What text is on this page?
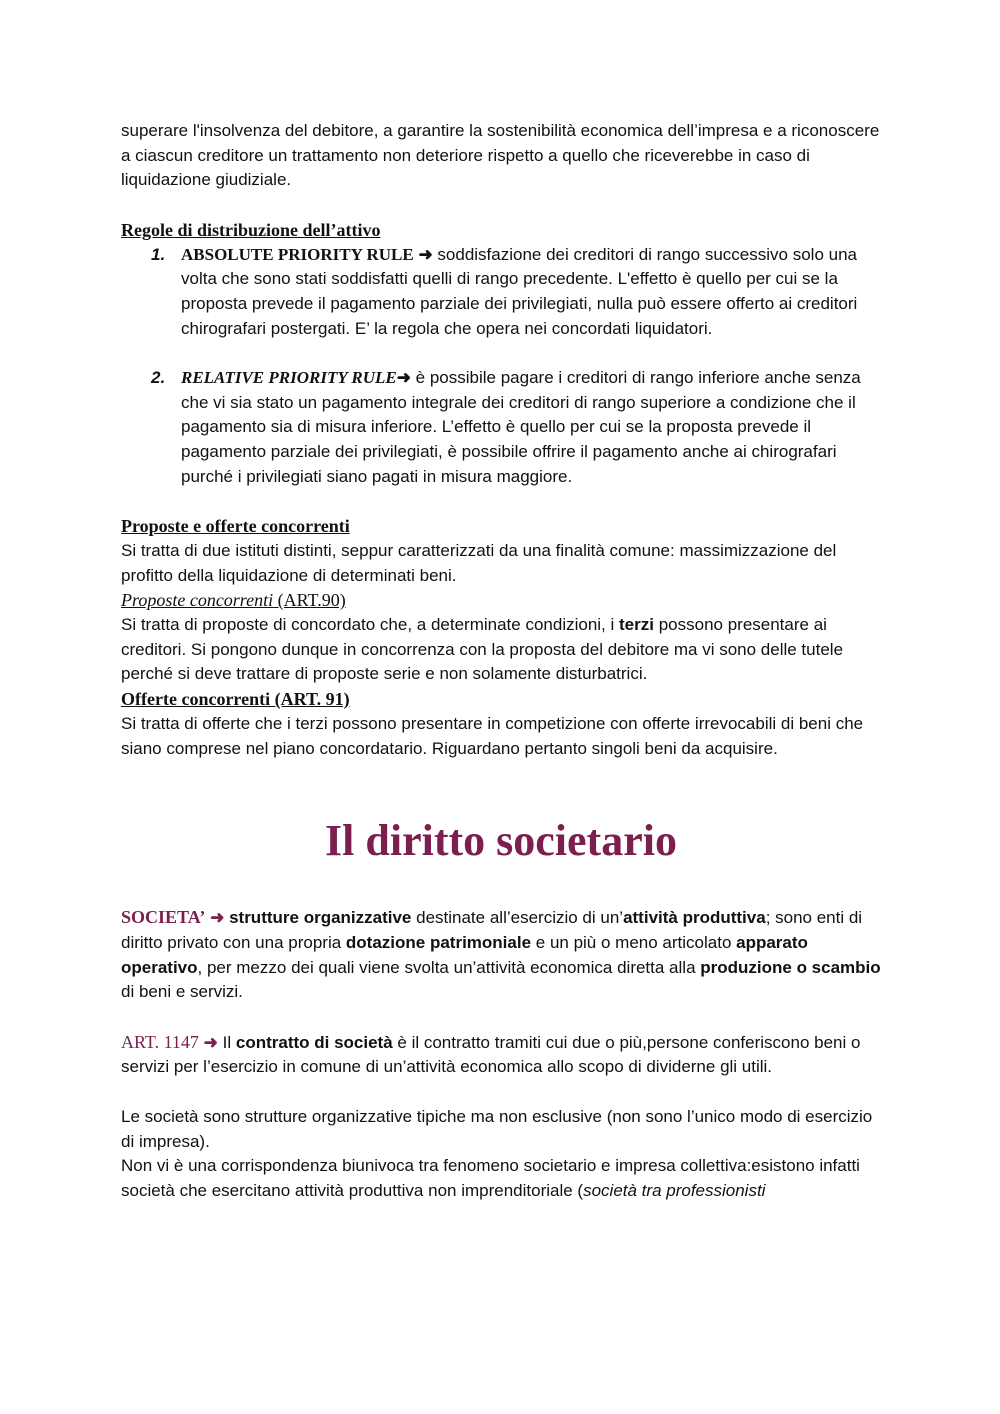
superare l'insolvenza del debitore, a garantire la sostenibilità economica dell’impresa e a riconoscere a ciascun creditore un trattamento non deteriore rispetto a quello che riceverebbe in caso di liquidazione giudiziale.

Regole di distribuzione dell’attivo

1. ABSOLUTE PRIORITY RULE ➜ soddisfazione dei creditori di rango successivo solo una volta che sono stati soddisfatti quelli di rango precedente. L'effetto è quello per cui se la proposta prevede il pagamento parziale dei privilegiati, nulla può essere offerto ai creditori chirografari postergati. E’ la regola che opera nei concordati liquidatori.
2. RELATIVE PRIORITY RULE➜ è possibile pagare i creditori di rango inferiore anche senza che vi sia stato un pagamento integrale dei creditori di rango superiore a condizione che il pagamento sia di misura inferiore. L’effetto è quello per cui se la proposta prevede il pagamento parziale dei privilegiati, è possibile offrire il pagamento anche ai chirografari purché i privilegiati siano pagati in misura maggiore.

Proposte e offerte concorrenti

Si tratta di due istituti distinti, seppur caratterizzati da una finalità comune: massimizzazione del profitto della liquidazione di determinati beni.

Proposte concorrenti (ART.90)

Si tratta di proposte di concordato che, a determinate condizioni, i terzi possono presentare ai creditori. Si pongono dunque in concorrenza con la proposta del debitore ma vi sono delle tutele perché si deve trattare di proposte serie e non solamente disturbatrici.

Offerte concorrenti (ART. 91)

Si tratta di offerte che i terzi possono presentare in competizione con offerte irrevocabili di beni che siano comprese nel piano concordatario. Riguardano pertanto singoli beni da acquisire.

Il diritto societario

SOCIETA’ ➜ strutture organizzative destinate all’esercizio di un’attività produttiva; sono enti di diritto privato con una propria dotazione patrimoniale e un più o meno articolato apparato operativo, per mezzo dei quali viene svolta un’attività economica diretta alla produzione o scambio di beni e servizi.

ART. 1147 ➜ Il contratto di società è il contratto tramiti cui due o più,persone conferiscono beni o servizi per l’esercizio in comune di un’attività economica allo scopo di dividerne gli utili.

Le società sono strutture organizzative tipiche ma non esclusive (non sono l’unico modo di esercizio di impresa).

Non vi è una corrispondenza biunivoca tra fenomeno societario e impresa collettiva:esistono infatti società che esercitano attività produttiva non imprenditoriale (società tra professionisti
